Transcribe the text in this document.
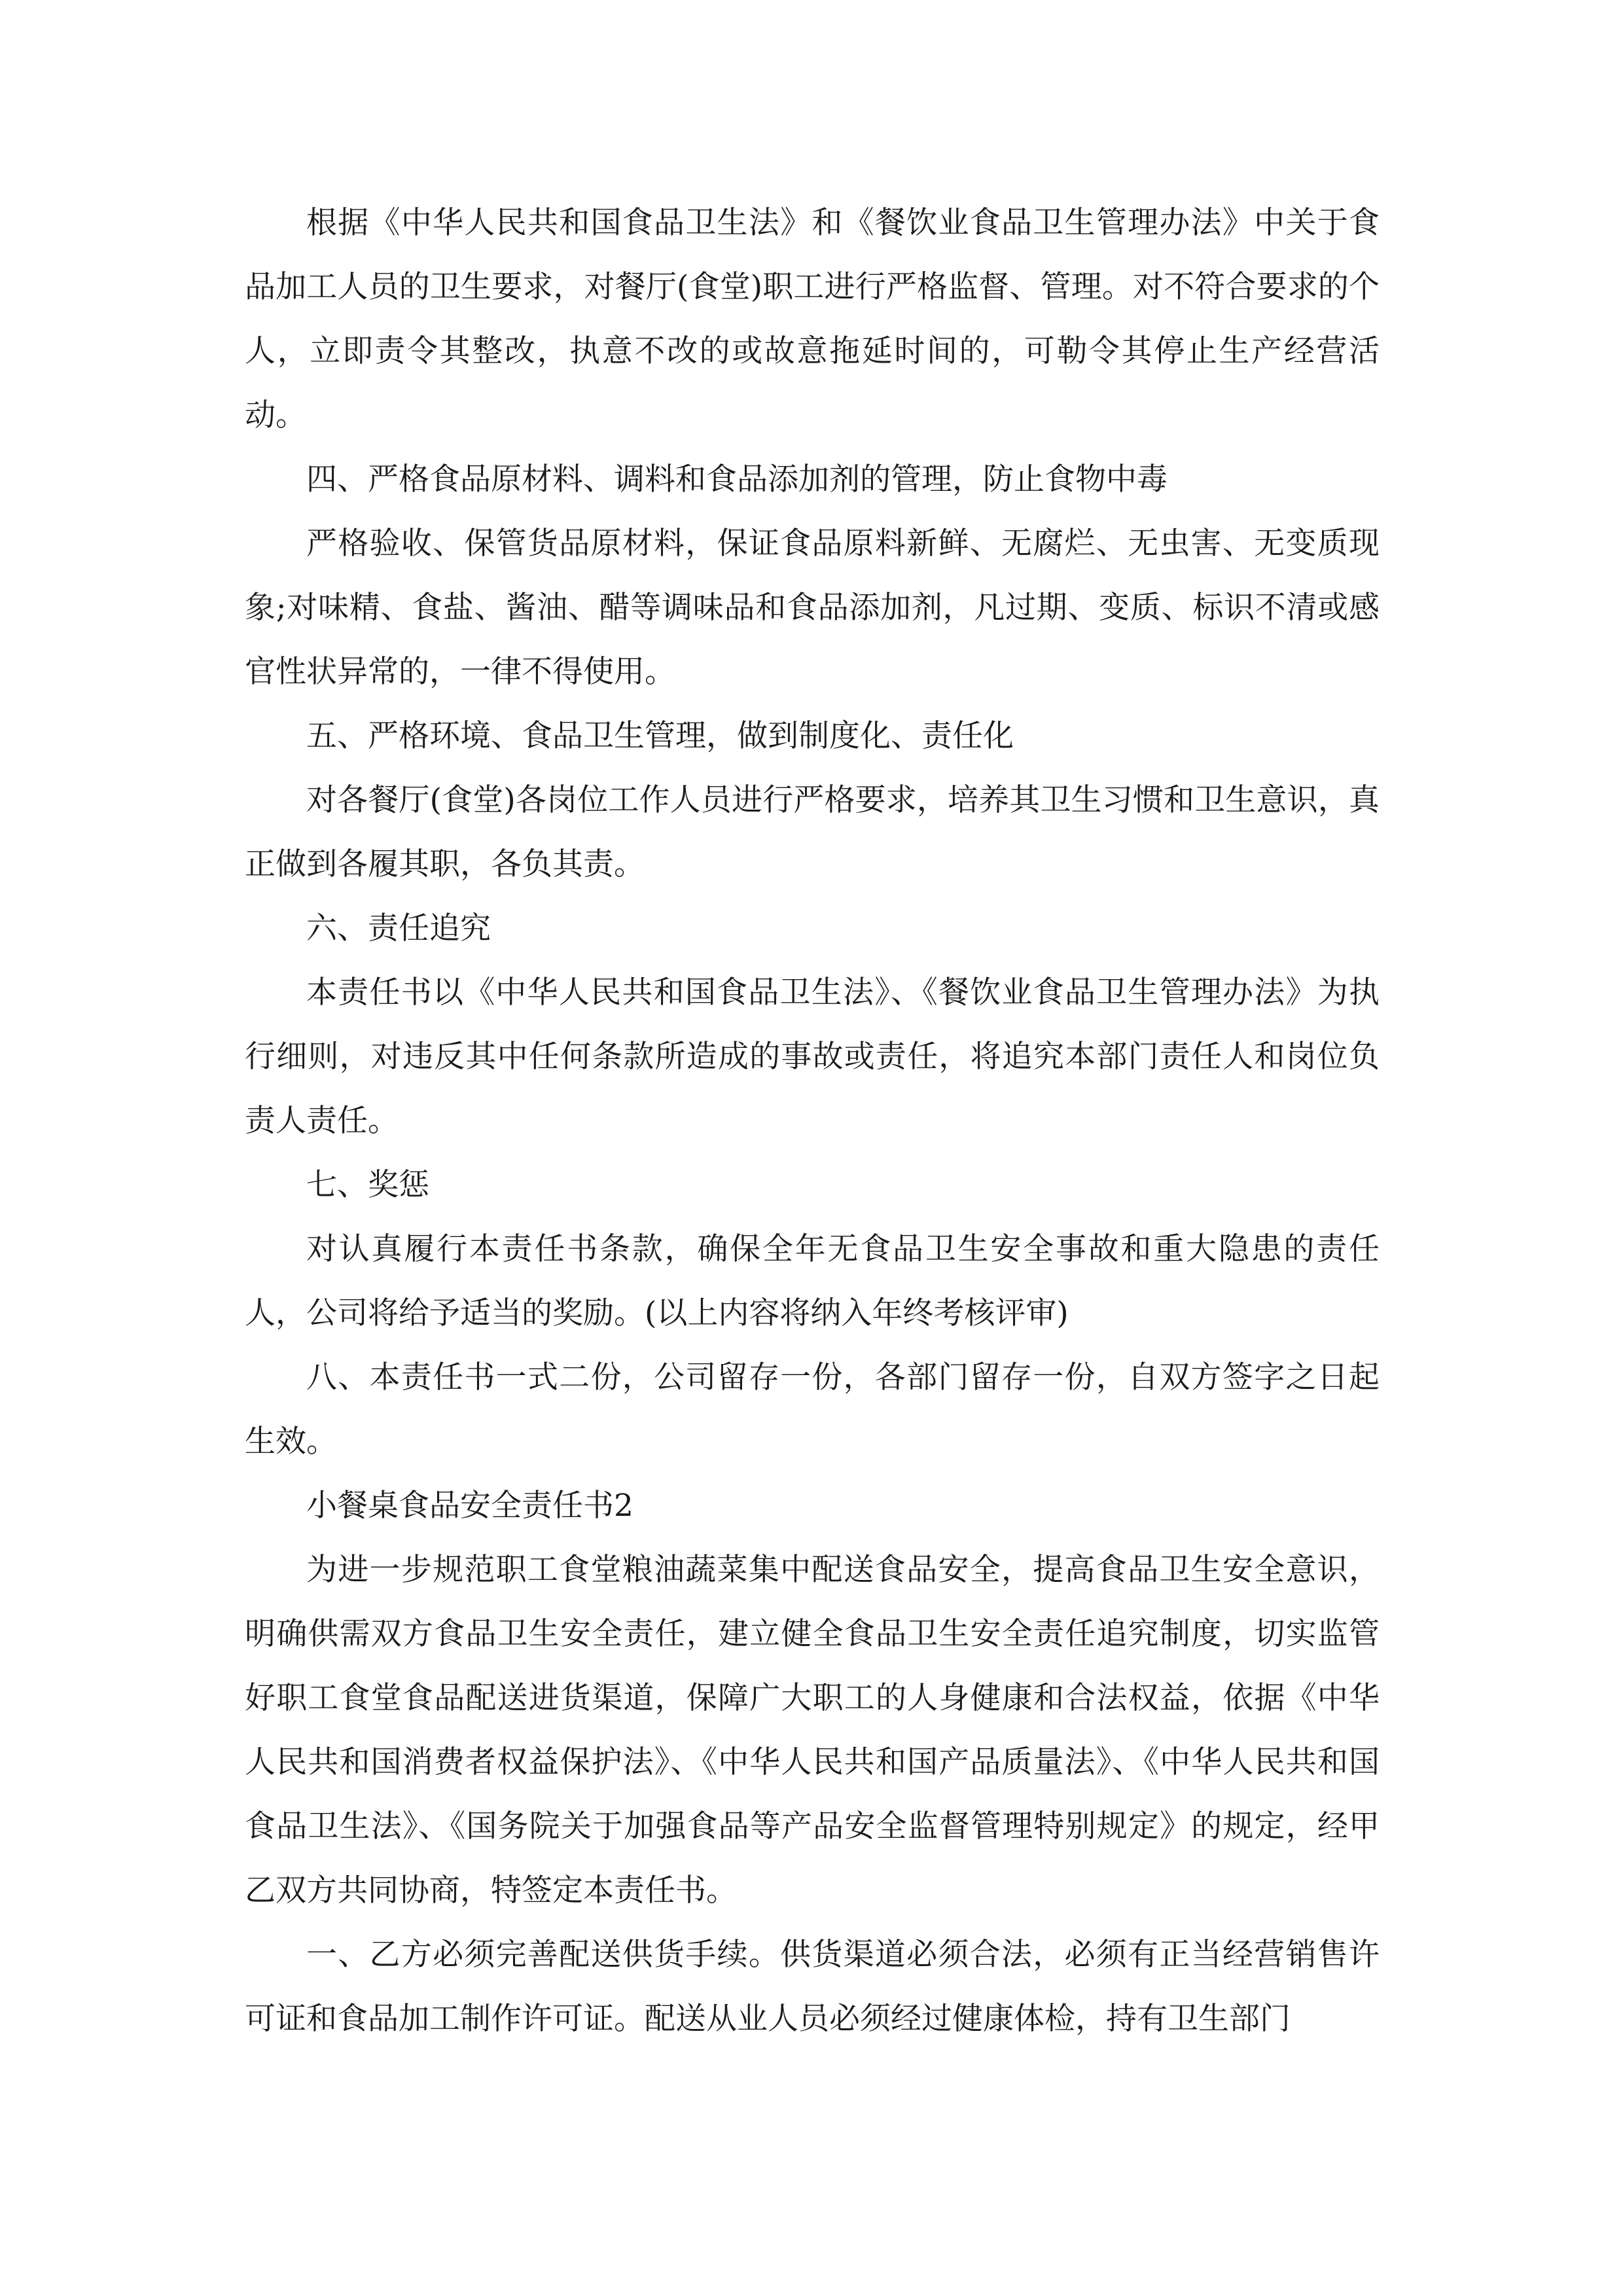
根据《中华人民共和国食品卫生法》和《餐饮业食品卫生管理办法》中关于食品加工人员的卫生要求，对餐厅(食堂)职工进行严格监督、管理。对不符合要求的个人，立即责令其整改，执意不改的或故意拖延时间的，可勒令其停止生产经营活动。

四、严格食品原材料、调料和食品添加剂的管理，防止食物中毒

严格验收、保管货品原材料，保证食品原料新鲜、无腐烂、无虫害、无变质现象;对味精、食盐、酱油、醋等调味品和食品添加剂，凡过期、变质、标识不清或感官性状异常的，一律不得使用。

五、严格环境、食品卫生管理，做到制度化、责任化

对各餐厅(食堂)各岗位工作人员进行严格要求，培养其卫生习惯和卫生意识，真正做到各履其职，各负其责。

六、责任追究

本责任书以《中华人民共和国食品卫生法》、《餐饮业食品卫生管理办法》为执行细则，对违反其中任何条款所造成的事故或责任，将追究本部门责任人和岗位负责人责任。

七、奖惩

对认真履行本责任书条款，确保全年无食品卫生安全事故和重大隐患的责任人，公司将给予适当的奖励。(以上内容将纳入年终考核评审)

八、本责任书一式二份，公司留存一份，各部门留存一份，自双方签字之日起生效。

小餐桌食品安全责任书2

为进一步规范职工食堂粮油蔬菜集中配送食品安全，提高食品卫生安全意识，明确供需双方食品卫生安全责任，建立健全食品卫生安全责任追究制度，切实监管好职工食堂食品配送进货渠道，保障广大职工的人身健康和合法权益，依据《中华人民共和国消费者权益保护法》、《中华人民共和国产品质量法》、《中华人民共和国食品卫生法》、《国务院关于加强食品等产品安全监督管理特别规定》的规定，经甲乙双方共同协商，特签定本责任书。

一、乙方必须完善配送供货手续。供货渠道必须合法，必须有正当经营销售许可证和食品加工制作许可证。配送从业人员必须经过健康体检，持有卫生部门
